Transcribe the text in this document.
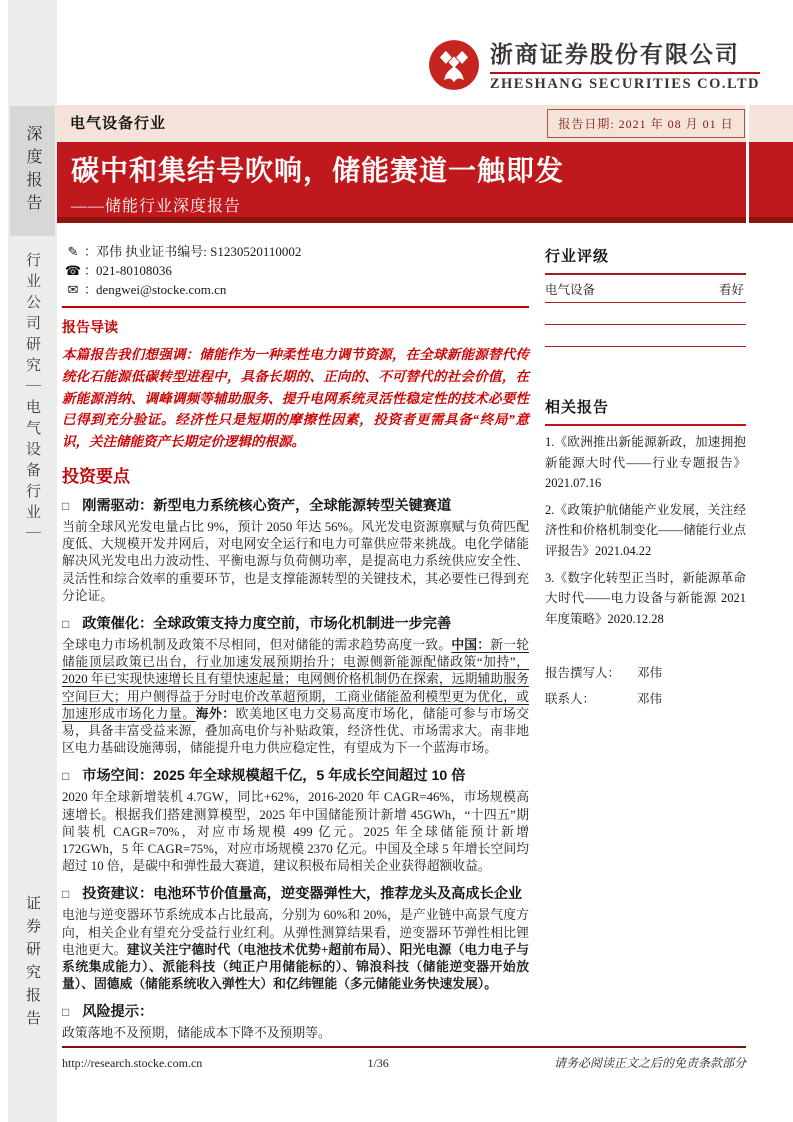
深度报告
行业公司研究｜电气设备行业｜
证券研究报告
浙商证券股份有限公司
ZHESHANG SECURITIES CO.LTD
电气设备行业	报告日期: 2021 年 08 月 01 日
碳中和集结号吹响，储能赛道一触即发
——储能行业深度报告
✎ ：
邓伟 执业证书编号: S1230520110002
☎ ：
021-80108036
✉ ：
dengwei@stocke.com.cn
报告导读

本篇报告我们想强调：储能作为一种柔性电力调节资源，在全球新能源替代传统化石能源低碳转型进程中，具备长期的、正向的、不可替代的社会价值，在新能源消纳、调峰调频等辅助服务、提升电网系统灵活性稳定性的技术必要性已得到充分验证。经济性只是短期的摩擦性因素，投资者更需具备“终局”意识，关注储能资产长期定价逻辑的根源。

投资要点
□ 刚需驱动：新型电力系统核心资产，全球能源转型关键赛道

当前全球风光发电量占比 9%，预计 2050 年达 56%。风光发电资源禀赋与负荷匹配度低、大规模开发并网后，对电网安全运行和电力可靠供应带来挑战。电化学储能解决风光发电出力波动性、平衡电源与负荷侧功率，是提高电力系统供应安全性、灵活性和综合效率的重要环节，也是支撑能源转型的关键技术，其必要性已得到充分论证。

□ 政策催化：全球政策支持力度空前，市场化机制进一步完善

全球电力市场机制及政策不尽相同，但对储能的需求趋势高度一致。中国：新一轮储能顶层政策已出台，行业加速发展预期抬升；电源侧新能源配储政策“加持”，2020 年已实现快速增长且有望快速起量；电网侧价格机制仍在探索，远期辅助服务空间巨大；用户侧得益于分时电价改革超预期，工商业储能盈利模型更为优化，或加速形成市场化力量。海外：欧美地区电力交易高度市场化，储能可参与市场交易，具备丰富受益来源，叠加高电价与补贴政策，经济性优、市场需求大。南非地区电力基础设施薄弱，储能提升电力供应稳定性，有望成为下一个蓝海市场。

□ 市场空间：2025 年全球规模超千亿，5 年成长空间超过 10 倍

2020 年全球新增装机 4.7GW，同比+62%，2016-2020 年 CAGR=46%，市场规模高速增长。根据我们搭建测算模型，2025 年中国储能预计新增 45GWh，“十四五”期间装机 CAGR=70%，对应市场规模 499 亿元。2025 年全球储能预计新增 172GWh，5 年 CAGR=75%，对应市场规模 2370 亿元。中国及全球 5 年增长空间均超过 10 倍，是碳中和弹性最大赛道，建议积极布局相关企业获得超额收益。

□ 投资建议：电池环节价值量高，逆变器弹性大，推荐龙头及高成长企业

电池与逆变器环节系统成本占比最高，分别为 60%和 20%，是产业链中高景气度方向，相关企业有望充分受益行业红利。从弹性测算结果看，逆变器环节弹性相比锂电池更大。建议关注宁德时代（电池技术优势+超前布局）、阳光电源（电力电子与系统集成能力）、派能科技（纯正户用储能标的）、锦浪科技（储能逆变器开始放量）、固德威（储能系统收入弹性大）和亿纬锂能（多元储能业务快速发展）。

□ 风险提示：

政策落地不及预期，储能成本下降不及预期等。

行业评级
电气设备	看好
相关报告
1.《欧洲推出新能源新政，加速拥抱新能源大时代——行业专题报告》2021.07.16
2.《政策护航储能产业发展，关注经济性和价格机制变化——储能行业点评报告》2021.04.22
3.《数字化转型正当时，新能源革命大时代——电力设备与新能源 2021 年度策略》2020.12.28
报告撰写人：	邓伟
联系人：	邓伟
http://research.stocke.com.cn	1/36	请务必阅读正文之后的免责条款部分
